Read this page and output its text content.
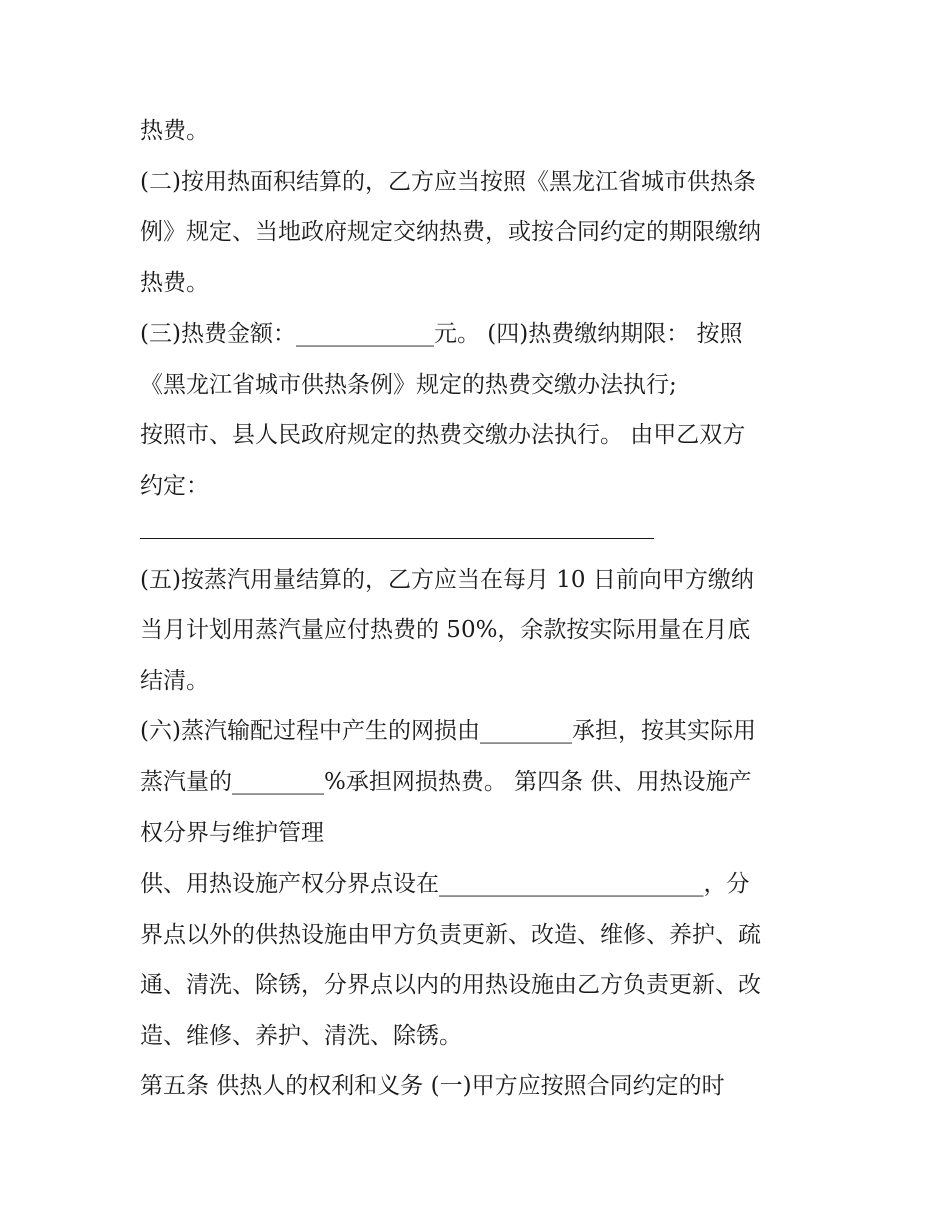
热费。
(二)按用热面积结算的，乙方应当按照《黑龙江省城市供热条
例》规定、当地政府规定交纳热费，或按合同约定的期限缴纳
热费。
(三)热费金额：____________元。 (四)热费缴纳期限： 按照
《黑龙江省城市供热条例》规定的热费交缴办法执行;
按照市、县人民政府规定的热费交缴办法执行。 由甲乙双方
约定：
(五)按蒸汽用量结算的，乙方应当在每月 10 日前向甲方缴纳
当月计划用蒸汽量应付热费的 50%，余款按实际用量在月底
结清。
(六)蒸汽输配过程中产生的网损由________承担，按其实际用
蒸汽量的________%承担网损热费。 第四条 供、用热设施产
权分界与维护管理
供、用热设施产权分界点设在_______________________，分
界点以外的供热设施由甲方负责更新、改造、维修、养护、疏
通、清洗、除锈，分界点以内的用热设施由乙方负责更新、改
造、维修、养护、清洗、除锈。
第五条 供热人的权利和义务 (一)甲方应按照合同约定的时
